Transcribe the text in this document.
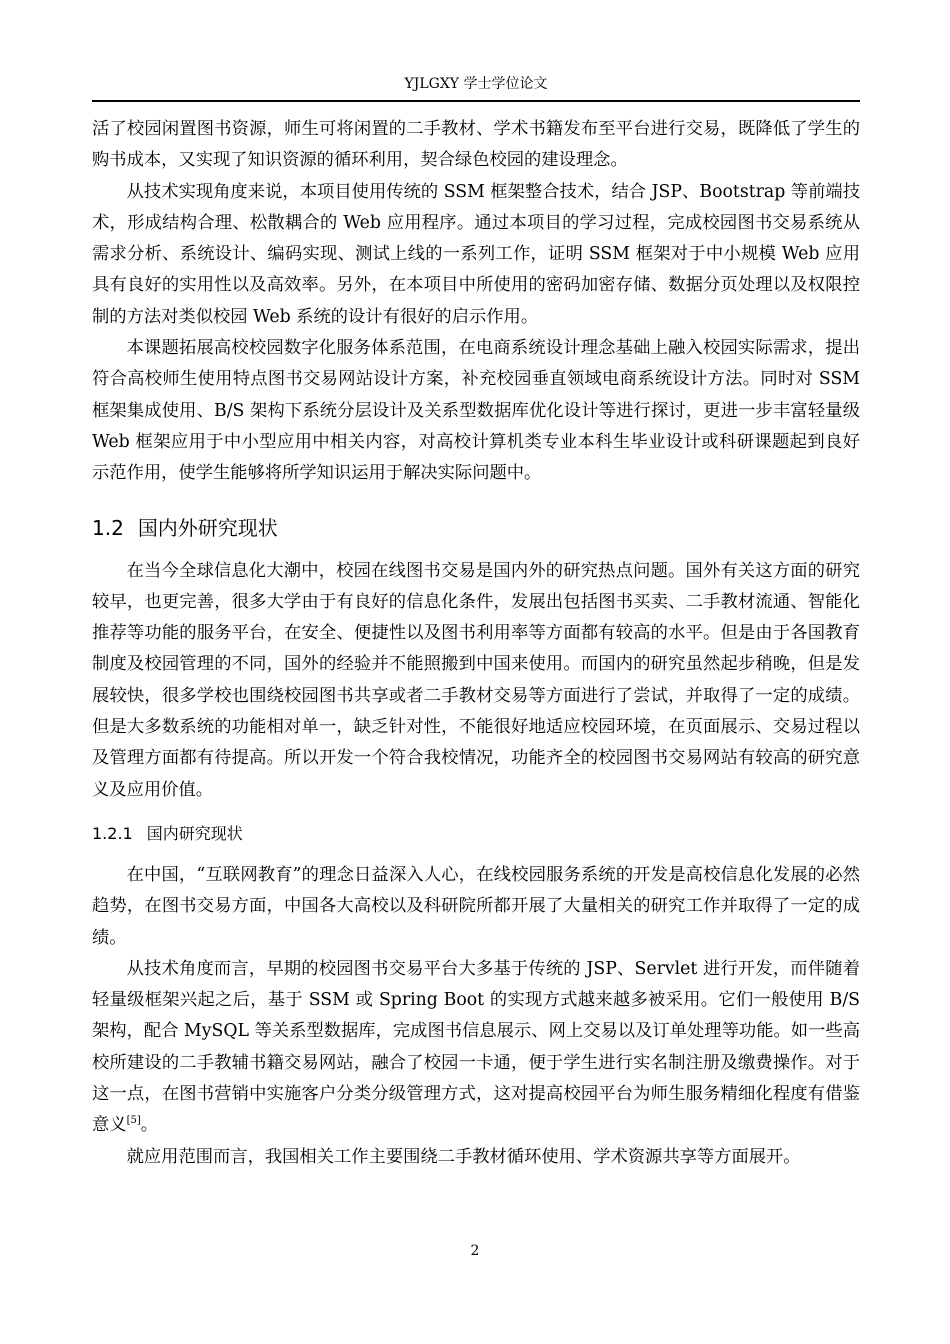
YJLGXY 学士学位论文

活了校园闲置图书资源，师生可将闲置的二手教材、学术书籍发布至平台进行交易，既降低了学生的购书成本，又实现了知识资源的循环利用，契合绿色校园的建设理念。

从技术实现角度来说，本项目使用传统的 SSM 框架整合技术，结合 JSP、Bootstrap 等前端技术，形成结构合理、松散耦合的 Web 应用程序。通过本项目的学习过程，完成校园图书交易系统从需求分析、系统设计、编码实现、测试上线的一系列工作，证明 SSM 框架对于中小规模 Web 应用具有良好的实用性以及高效率。另外，在本项目中所使用的密码加密存储、数据分页处理以及权限控制的方法对类似校园 Web 系统的设计有很好的启示作用。

本课题拓展高校校园数字化服务体系范围，在电商系统设计理念基础上融入校园实际需求，提出符合高校师生使用特点图书交易网站设计方案，补充校园垂直领域电商系统设计方法。同时对 SSM 框架集成使用、B/S 架构下系统分层设计及关系型数据库优化设计等进行探讨，更进一步丰富轻量级 Web 框架应用于中小型应用中相关内容，对高校计算机类专业本科生毕业设计或科研课题起到良好示范作用，使学生能够将所学知识运用于解决实际问题中。

1.2 国内外研究现状

在当今全球信息化大潮中，校园在线图书交易是国内外的研究热点问题。国外有关这方面的研究较早，也更完善，很多大学由于有良好的信息化条件，发展出包括图书买卖、二手教材流通、智能化推荐等功能的服务平台，在安全、便捷性以及图书利用率等方面都有较高的水平。但是由于各国教育制度及校园管理的不同，国外的经验并不能照搬到中国来使用。而国内的研究虽然起步稍晚，但是发展较快，很多学校也围绕校园图书共享或者二手教材交易等方面进行了尝试，并取得了一定的成绩。但是大多数系统的功能相对单一，缺乏针对性，不能很好地适应校园环境，在页面展示、交易过程以及管理方面都有待提高。所以开发一个符合我校情况，功能齐全的校园图书交易网站有较高的研究意义及应用价值。

1.2.1 国内研究现状

在中国，“互联网教育”的理念日益深入人心，在线校园服务系统的开发是高校信息化发展的必然趋势，在图书交易方面，中国各大高校以及科研院所都开展了大量相关的研究工作并取得了一定的成绩。

从技术角度而言，早期的校园图书交易平台大多基于传统的 JSP、Servlet 进行开发，而伴随着轻量级框架兴起之后，基于 SSM 或 Spring Boot 的实现方式越来越多被采用。它们一般使用 B/S 架构，配合 MySQL 等关系型数据库，完成图书信息展示、网上交易以及订单处理等功能。如一些高校所建设的二手教辅书籍交易网站，融合了校园一卡通，便于学生进行实名制注册及缴费操作。对于这一点，在图书营销中实施客户分类分级管理方式，这对提高校园平台为师生服务精细化程度有借鉴意义[5]。

就应用范围而言，我国相关工作主要围绕二手教材循环使用、学术资源共享等方面展开。

2
